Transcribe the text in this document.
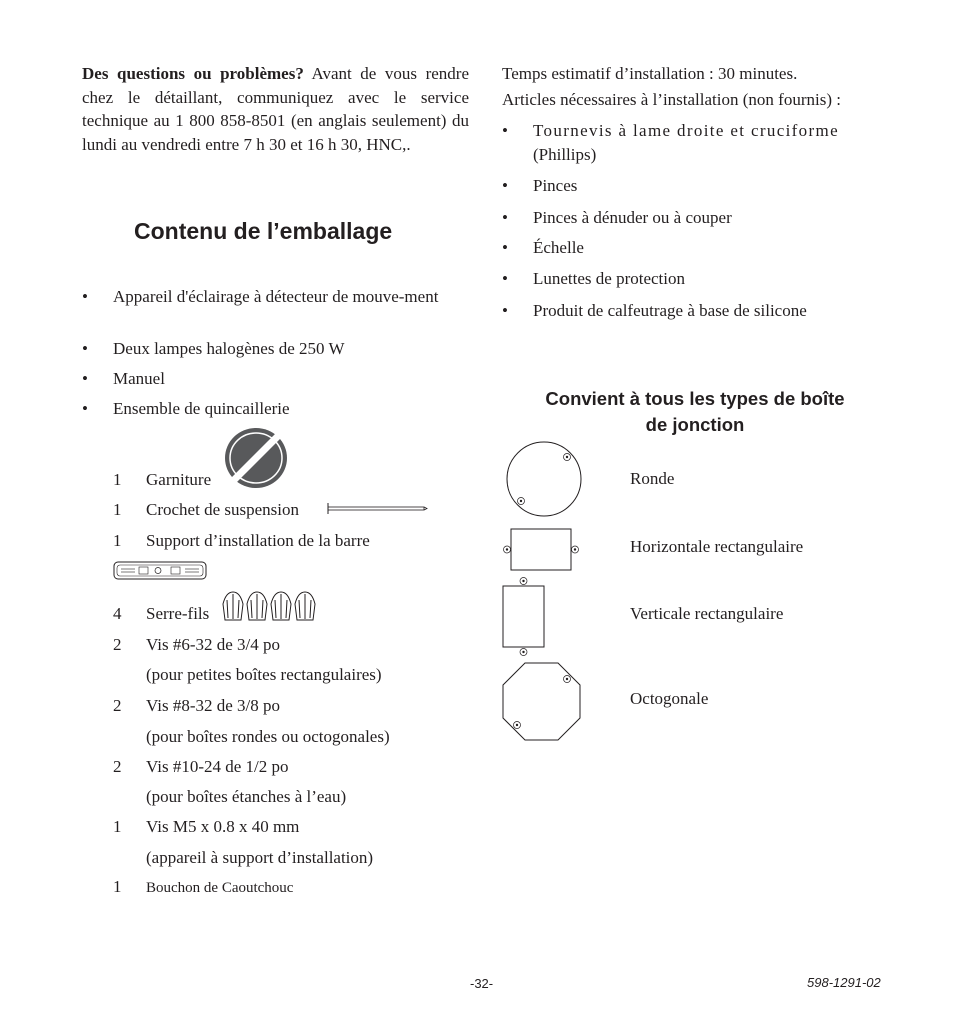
Des questions ou problèmes? Avant de vous rendre chez le détaillant, communiquez avec le service technique au 1 800 858-8501 (en anglais seulement) du lundi au vendredi entre 7 h 30 et 16 h 30, HNC,.
Contenu de l’emballage
• Appareil d'éclairage à détecteur de mouve-ment
• Deux lampes halogènes de 250 W
• Manuel
• Ensemble de quincaillerie
1 Garniture
1 Crochet de suspension
1 Support d’installation de la barre
4 Serre-fils
2 Vis #6-32 de 3/4 po
(pour petites boîtes rectangulaires)
2 Vis #8-32 de 3/8 po
(pour boîtes rondes ou octogonales)
2 Vis #10-24 de 1/2 po
(pour boîtes étanches à l’eau)
1 Vis M5 x 0.8 x 40 mm
(appareil à support d’installation)
1 Bouchon de Caoutchouc
Temps estimatif d’installation : 30 minutes.
Articles nécessaires à l’installation (non fournis) :
• Tournevis à lame droite et cruciforme
(Phillips)
• Pinces
• Pinces à dénuder ou à couper
• Échelle
• Lunettes de protection
• Produit de calfeutrage à base de silicone
Convient à tous les types de boîte
de jonction
Ronde
Horizontale rectangulaire
Verticale rectangulaire
Octogonale
-32-	598-1291-02
